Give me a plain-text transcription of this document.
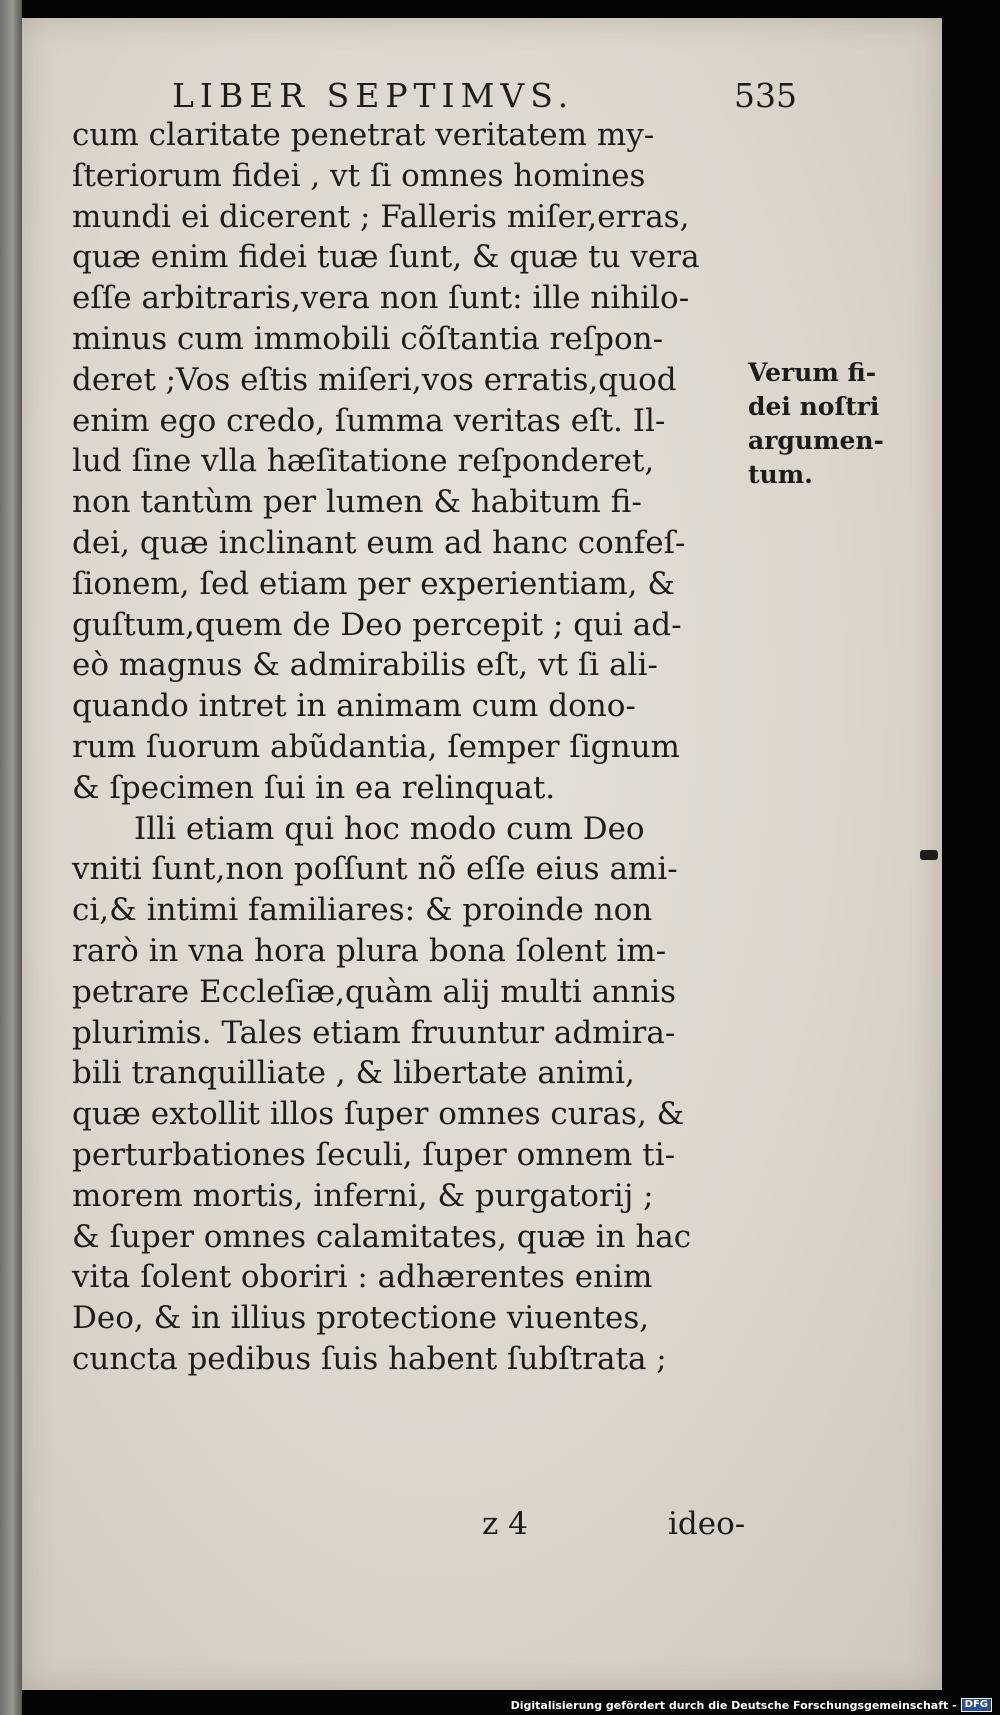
LIBER SEPTIMVS.	535
cum claritate penetrat veritatem my-
ſteriorum fidei , vt ſi omnes homines
mundi ei dicerent ; Falleris miſer,erras,
quæ enim fidei tuæ ſunt, & quæ tu vera
eſſe arbitraris,vera non ſunt: ille nihilo-
minus cum immobili cõſtantia reſpon-
deret ;Vos eſtis miſeri,vos erratis,quod
enim ego credo, ſumma veritas eſt. Il-
lud ſine vlla hæſitatione reſponderet,
non tantùm per lumen & habitum fi-
dei, quæ inclinant eum ad hanc confeſ-
ſionem, ſed etiam per experientiam, &
guſtum,quem de Deo percepit ; qui ad-
eò magnus & admirabilis eſt, vt ſi ali-
quando intret in animam cum dono-
rum ſuorum abũdantia, ſemper ſignum
& ſpecimen ſui in ea relinquat.
Illi etiam qui hoc modo cum Deo
vniti ſunt,non poſſunt nõ eſſe eius ami-
ci,& intimi familiares: & proinde non
rarò in vna hora plura bona ſolent im-
petrare Eccleſiæ,quàm alij multi annis
plurimis. Tales etiam fruuntur admira-
bili tranquilliate , & libertate animi,
quæ extollit illos ſuper omnes curas, &
perturbationes ſeculi, ſuper omnem ti-
morem mortis, inferni, & purgatorij ;
& ſuper omnes calamitates, quæ in hac
vita ſolent oboriri : adhærentes enim
Deo, & in illius protectione viuentes,
cuncta pedibus ſuis habent ſubſtrata ;
Verum fi-
dei noſtri
argumen-
tum.
z 4	ideo-
Digitalisierung gefördert durch die Deutsche Forschungsgemeinschaft - DFG
